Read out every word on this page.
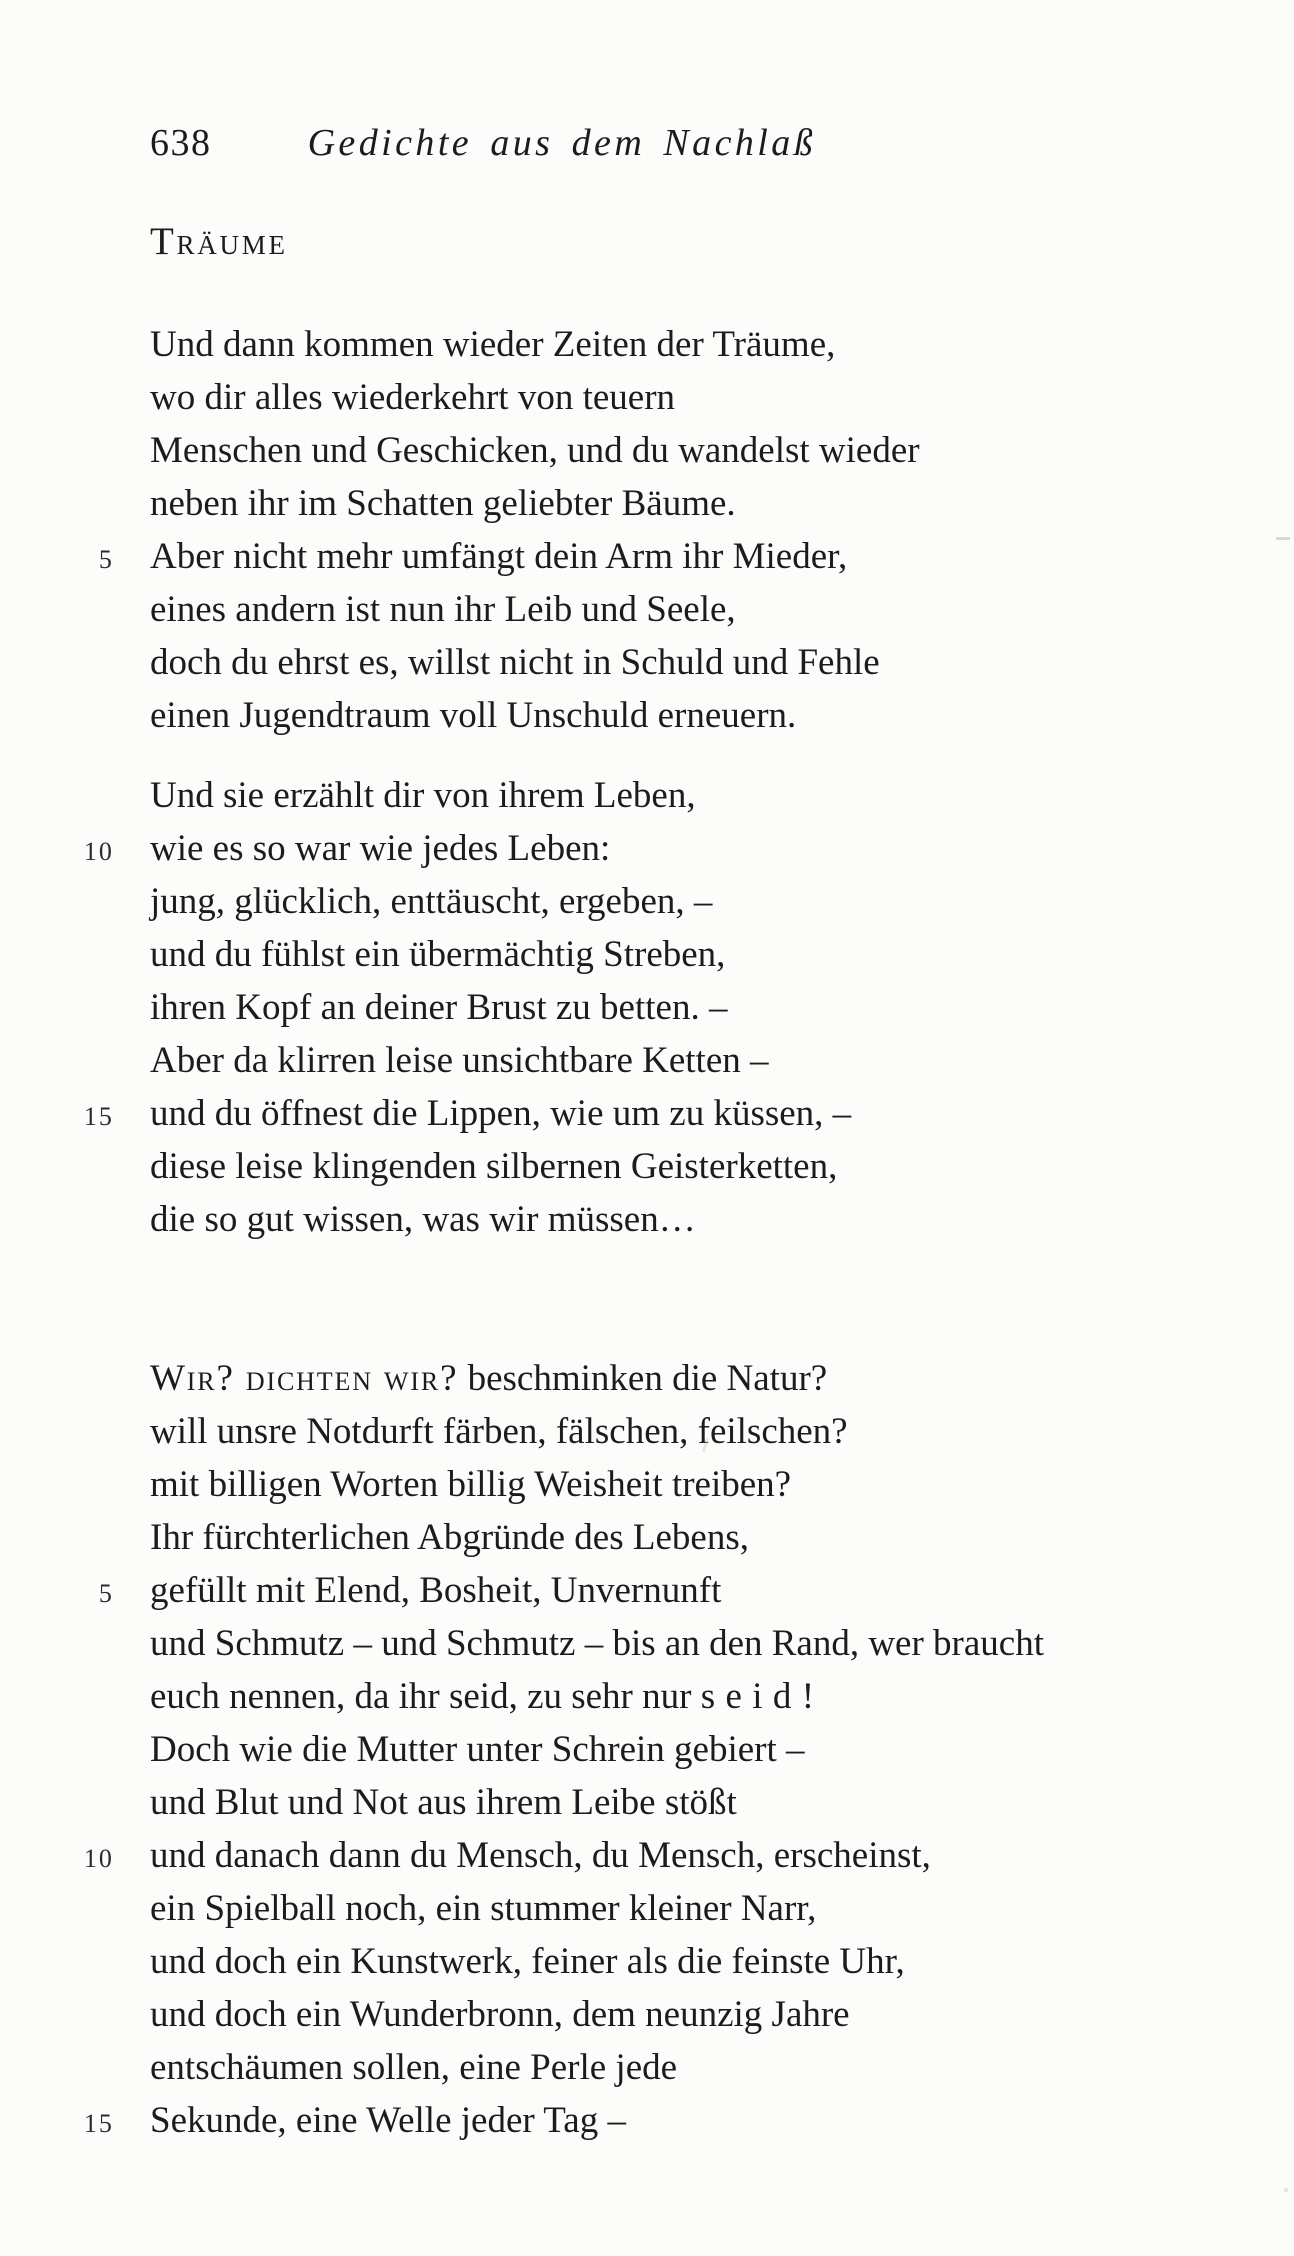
638	Gedichte aus dem Nachlaß
Träume
Und dann kommen wieder Zeiten der Träume,
wo dir alles wiederkehrt von teuern
Menschen und Geschicken, und du wandelst wieder
neben ihr im Schatten geliebter Bäume.
5 Aber nicht mehr umfängt dein Arm ihr Mieder,
eines andern ist nun ihr Leib und Seele,
doch du ehrst es, willst nicht in Schuld und Fehle
einen Jugendtraum voll Unschuld erneuern.
Und sie erzählt dir von ihrem Leben,
10 wie es so war wie jedes Leben:
jung, glücklich, enttäuscht, ergeben, –
und du fühlst ein übermächtig Streben,
ihren Kopf an deiner Brust zu betten. –
Aber da klirren leise unsichtbare Ketten –
15 und du öffnest die Lippen, wie um zu küssen, –
diese leise klingenden silbernen Geisterketten,
die so gut wissen, was wir müssen…
Wir? dichten wir? beschminken die Natur?
will unsre Notdurft färben, fälschen, feilschen?
mit billigen Worten billig Weisheit treiben?
Ihr fürchterlichen Abgründe des Lebens,
5 gefüllt mit Elend, Bosheit, Unvernunft
und Schmutz – und Schmutz – bis an den Rand, wer braucht
euch nennen, da ihr seid, zu sehr nur seid!
Doch wie die Mutter unter Schrein gebiert –
und Blut und Not aus ihrem Leibe stößt
10 und danach dann du Mensch, du Mensch, erscheinst,
ein Spielball noch, ein stummer kleiner Narr,
und doch ein Kunstwerk, feiner als die feinste Uhr,
und doch ein Wunderbronn, dem neunzig Jahre
entschäumen sollen, eine Perle jede
15 Sekunde, eine Welle jeder Tag –
